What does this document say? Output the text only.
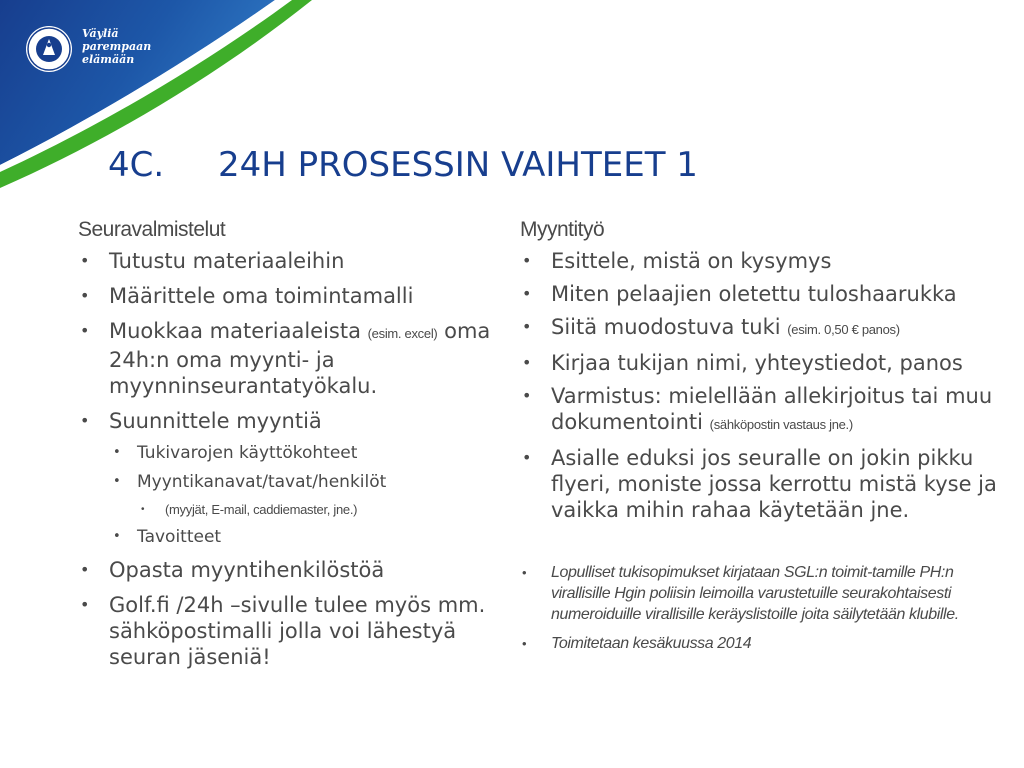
Väyliä
parempaan
elämään
4C. 24H PROSESSIN VAIHTEET 1
Seuravalmistelut
• Tutustu materiaaleihin
• Määrittele oma toimintamalli
• Muokkaa materiaaleista (esim. excel) oma 24h:n oma myynti- ja myynninseurantatyökalu.
• Suunnittele myyntiä
• Tukivarojen käyttökohteet
• Myyntikanavat/tavat/henkilöt
• (myyjät, E-mail, caddiemaster, jne.)
• Tavoitteet
• Opasta myyntihenkilöstöä
• Golf.fi /24h –sivulle tulee myös mm. sähköpostimalli jolla voi lähestyä seuran jäseniä!
Myyntityö
• Esittele, mistä on kysymys
• Miten pelaajien oletettu tuloshaarukka
• Siitä muodostuva tuki (esim. 0,50 € panos)
• Kirjaa tukijan nimi, yhteystiedot, panos
• Varmistus: mielellään allekirjoitus tai muu dokumentointi (sähköpostin vastaus jne.)
• Asialle eduksi jos seuralle on jokin pikku flyeri, moniste jossa kerrottu mistä kyse ja vaikka mihin rahaa käytetään jne.
• Lopulliset tukisopimukset kirjataan SGL:n toimit-tamille PH:n virallisille Hgin poliisin leimoilla varustetuille seurakohtaisesti numeroiduille virallisille keräyslistoille joita säilytetään klubille.
• Toimitetaan kesäkuussa 2014
